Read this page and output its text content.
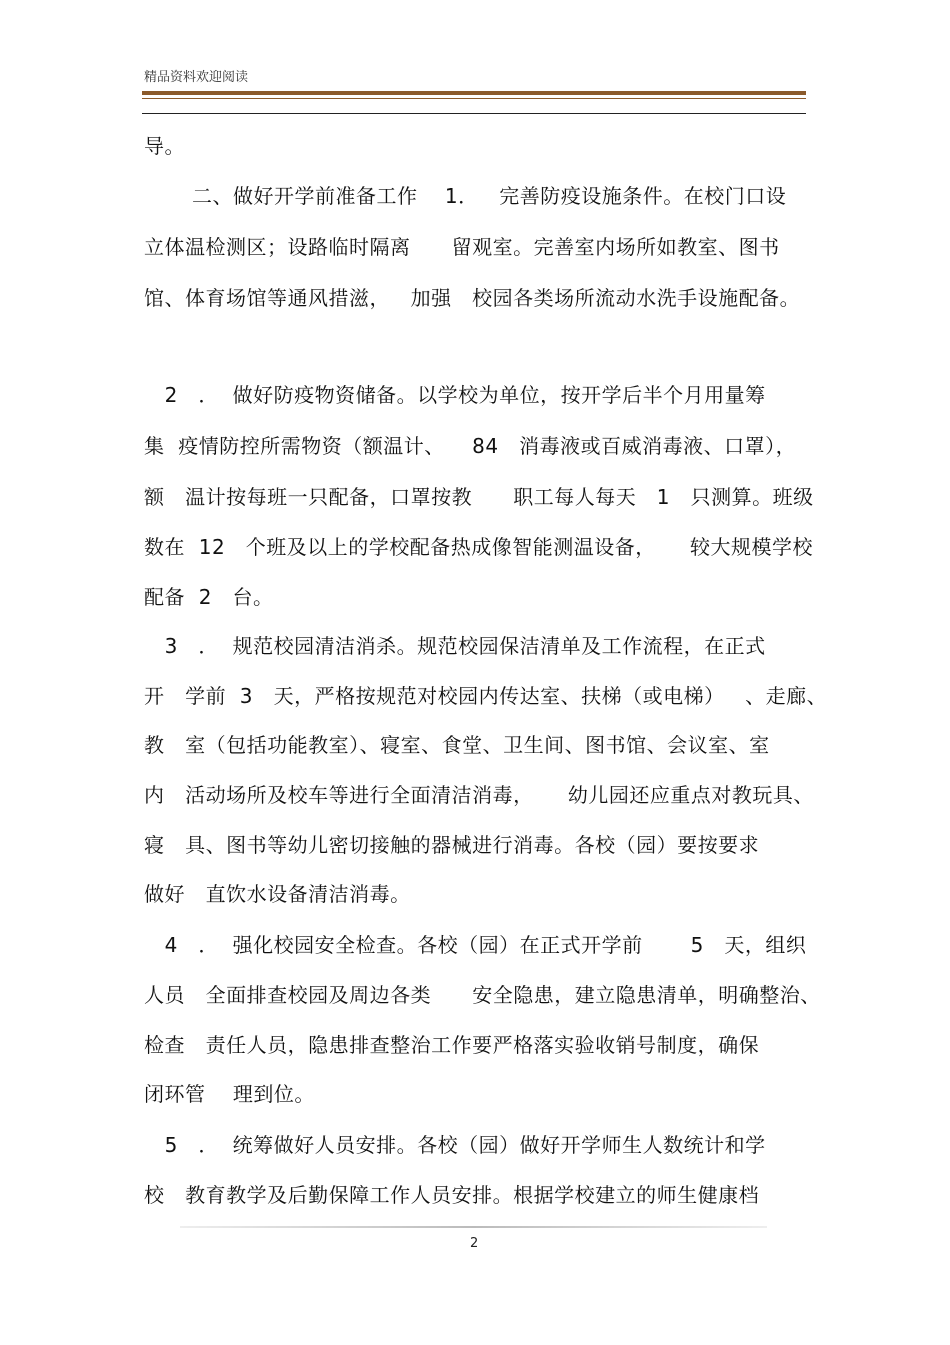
精品资料欢迎阅读
导。
二、做好开学前准备工作    1．   完善防疫设施条件。在校门口设
立体温检测区；设路临时隔离      留观室。完善室内场所如教室、图书
馆、体育场馆等通风措滋，   加强   校园各类场所流动水洗手设施配备。
2   ．  做好防疫物资储备。以学校为单位，按开学后半个月用量筹
集  疫情防控所需物资（额温计、    84   消毒液或百威消毒液、口罩），
额   温计按每班一只配备，口罩按教      职工每人每天   1   只测算。班级
数在  12   个班及以上的学校配备热成像智能测温设备，     较大规模学校
配备  2   台。
3   ．  规范校园清洁消杀。规范校园保洁清单及工作流程，在正式
开   学前  3   天，严格按规范对校园内传达室、扶梯（或电梯）   、走廊、
教   室（包括功能教室）、寝室、食堂、卫生间、图书馆、会议室、室
内   活动场所及校车等进行全面清洁消毒，     幼儿园还应重点对教玩具、
寝   具、图书等幼儿密切接触的器械进行消毒。各校（园）要按要求
做好   直饮水设备清洁消毒。
4   ．  强化校园安全检查。各校（园）在正式开学前       5   天，组织
人员   全面排查校园及周边各类      安全隐患，建立隐患清单，明确整治、
检查   责任人员，隐患排查整治工作要严格落实验收销号制度，确保
闭环管    理到位。
5   ．  统筹做好人员安排。各校（园）做好开学师生人数统计和学
校   教育教学及后勤保障工作人员安排。根据学校建立的师生健康档
2
